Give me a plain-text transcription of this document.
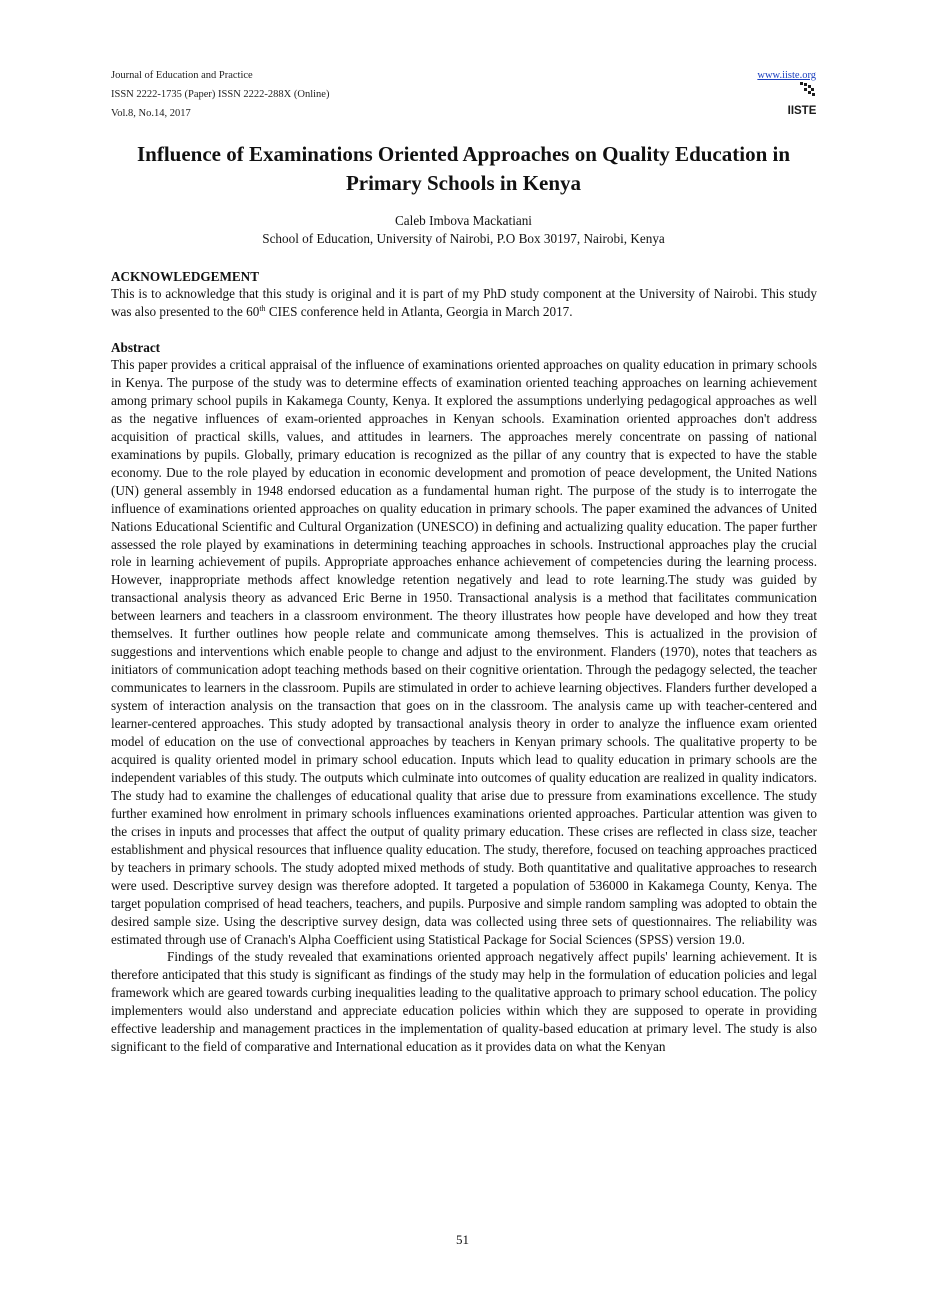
Journal of Education and Practice
ISSN 2222-1735 (Paper) ISSN 2222-288X (Online)
Vol.8, No.14, 2017
www.iiste.org
IISTE
Influence of Examinations Oriented Approaches on Quality Education in Primary Schools in Kenya
Caleb Imbova Mackatiani
School of Education, University of Nairobi, P.O Box 30197, Nairobi, Kenya
ACKNOWLEDGEMENT
This is to acknowledge that this study is original and it is part of my PhD study component at the University of Nairobi. This study was also presented to the 60th CIES conference held in Atlanta, Georgia in March 2017.
Abstract

This paper provides a critical appraisal of the influence of examinations oriented approaches on quality education in primary schools in Kenya. The purpose of the study was to determine effects of examination oriented teaching approaches on learning achievement among primary school pupils in Kakamega County, Kenya. It explored the assumptions underlying pedagogical approaches as well as the negative influences of exam-oriented approaches in Kenyan schools. Examination oriented approaches don't address acquisition of practical skills, values, and attitudes in learners. The approaches merely concentrate on passing of national examinations by pupils. Globally, primary education is recognized as the pillar of any country that is expected to have the stable economy. Due to the role played by education in economic development and promotion of peace development, the United Nations (UN) general assembly in 1948 endorsed education as a fundamental human right. The purpose of the study is to interrogate the influence of examinations oriented approaches on quality education in primary schools. The paper examined the advances of United Nations Educational Scientific and Cultural Organization (UNESCO) in defining and actualizing quality education. The paper further assessed the role played by examinations in determining teaching approaches in schools. Instructional approaches play the crucial role in learning achievement of pupils. Appropriate approaches enhance achievement of competencies during the learning process. However, inappropriate methods affect knowledge retention negatively and lead to rote learning.The study was guided by transactional analysis theory as advanced Eric Berne in 1950. Transactional analysis is a method that facilitates communication between learners and teachers in a classroom environment. The theory illustrates how people have developed and how they treat themselves. It further outlines how people relate and communicate among themselves. This is actualized in the provision of suggestions and interventions which enable people to change and adjust to the environment. Flanders (1970), notes that teachers as initiators of communication adopt teaching methods based on their cognitive orientation. Through the pedagogy selected, the teacher communicates to learners in the classroom. Pupils are stimulated in order to achieve learning objectives. Flanders further developed a system of interaction analysis on the transaction that goes on in the classroom. The analysis came up with teacher-centered and learner-centered approaches. This study adopted by transactional analysis theory in order to analyze the influence exam oriented model of education on the use of convectional approaches by teachers in Kenyan primary schools. The qualitative property to be acquired is quality oriented model in primary school education. Inputs which lead to quality education in primary schools are the independent variables of this study. The outputs which culminate into outcomes of quality education are realized in quality indicators. The study had to examine the challenges of educational quality that arise due to pressure from examinations excellence. The study further examined how enrolment in primary schools influences examinations oriented approaches. Particular attention was given to the crises in inputs and processes that affect the output of quality primary education. These crises are reflected in class size, teacher establishment and physical resources that influence quality education. The study, therefore, focused on teaching approaches practiced by teachers in primary schools. The study adopted mixed methods of study. Both quantitative and qualitative approaches to research were used. Descriptive survey design was therefore adopted. It targeted a population of 536000 in Kakamega County, Kenya. The target population comprised of head teachers, teachers, and pupils. Purposive and simple random sampling was adopted to obtain the desired sample size. Using the descriptive survey design, data was collected using three sets of questionnaires. The reliability was estimated through use of Cranach's Alpha Coefficient using Statistical Package for Social Sciences (SPSS) version 19.0.

Findings of the study revealed that examinations oriented approach negatively affect pupils' learning achievement. It is therefore anticipated that this study is significant as findings of the study may help in the formulation of education policies and legal framework which are geared towards curbing inequalities leading to the qualitative approach to primary school education. The policy implementers would also understand and appreciate education policies within which they are supposed to operate in providing effective leadership and management practices in the implementation of quality-based education at primary level. The study is also significant to the field of comparative and International education as it provides data on what the Kenyan

51
